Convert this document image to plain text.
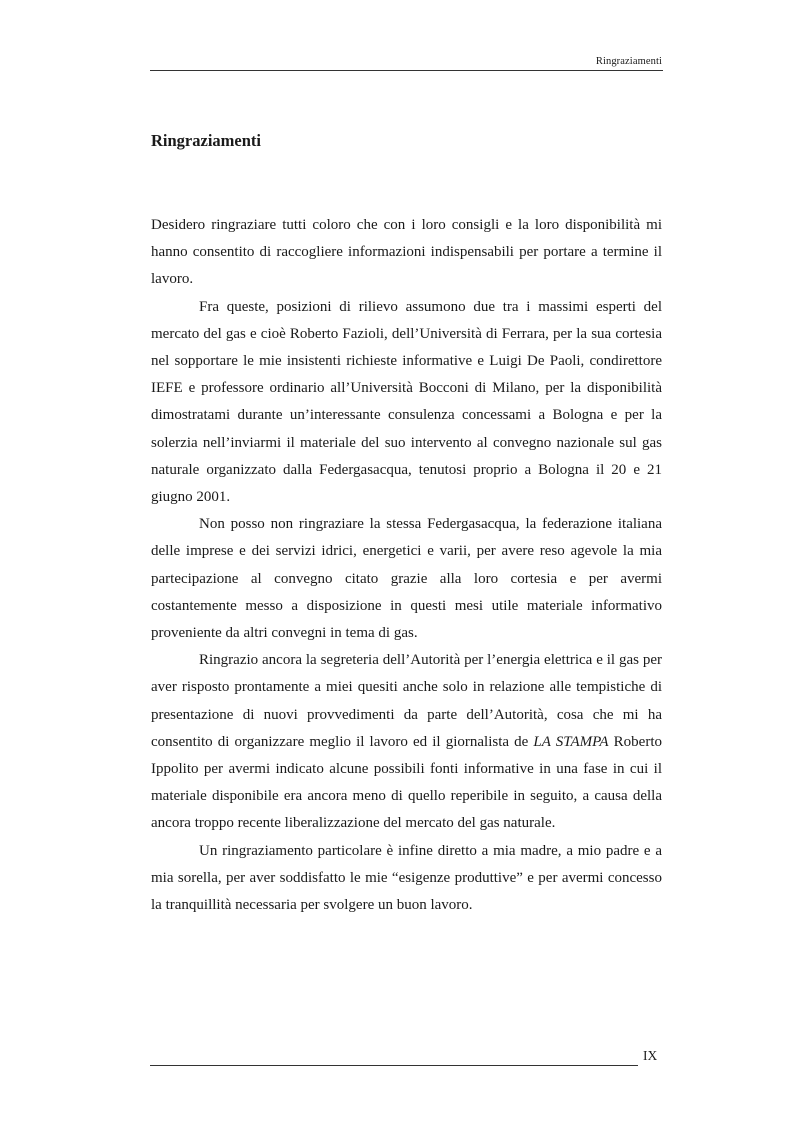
Ringraziamenti
Ringraziamenti

Desidero ringraziare tutti coloro che con i loro consigli e la loro disponibilità mi hanno consentito di raccogliere informazioni indispensabili per portare a termine il lavoro.

Fra queste, posizioni di rilievo assumono due tra i massimi esperti del mercato del gas e cioè Roberto Fazioli, dell’Università di Ferrara, per la sua cortesia nel sopportare le mie insistenti richieste informative e Luigi De Paoli, condirettore IEFE e professore ordinario all’Università Bocconi di Milano, per la disponibilità dimostratami durante un’interessante consulenza concessami a Bologna e per la solerzia nell’inviarmi il materiale del suo intervento al convegno nazionale sul gas naturale organizzato dalla Federgasacqua, tenutosi proprio a Bologna il 20 e 21 giugno 2001.

Non posso non ringraziare la stessa Federgasacqua, la federazione italiana delle imprese e dei servizi idrici, energetici e varii, per avere reso agevole la mia partecipazione al convegno citato grazie alla loro cortesia e per avermi costantemente messo a disposizione in questi mesi utile materiale informativo proveniente da altri convegni in tema di gas.

Ringrazio ancora la segreteria dell’Autorità per l’energia elettrica e il gas per aver risposto prontamente a miei quesiti anche solo in relazione alle tempistiche di presentazione di nuovi provvedimenti da parte dell’Autorità, cosa che mi ha consentito di organizzare meglio il lavoro ed il giornalista de LA STAMPA Roberto Ippolito per avermi indicato alcune possibili fonti informative in una fase in cui il materiale disponibile era ancora meno di quello reperibile in seguito, a causa della ancora troppo recente liberalizzazione del mercato del gas naturale.

Un ringraziamento particolare è infine diretto a mia madre, a mio padre e a mia sorella, per aver soddisfatto le mie “esigenze produttive” e per avermi concesso la tranquillità necessaria per svolgere un buon lavoro.

IX
